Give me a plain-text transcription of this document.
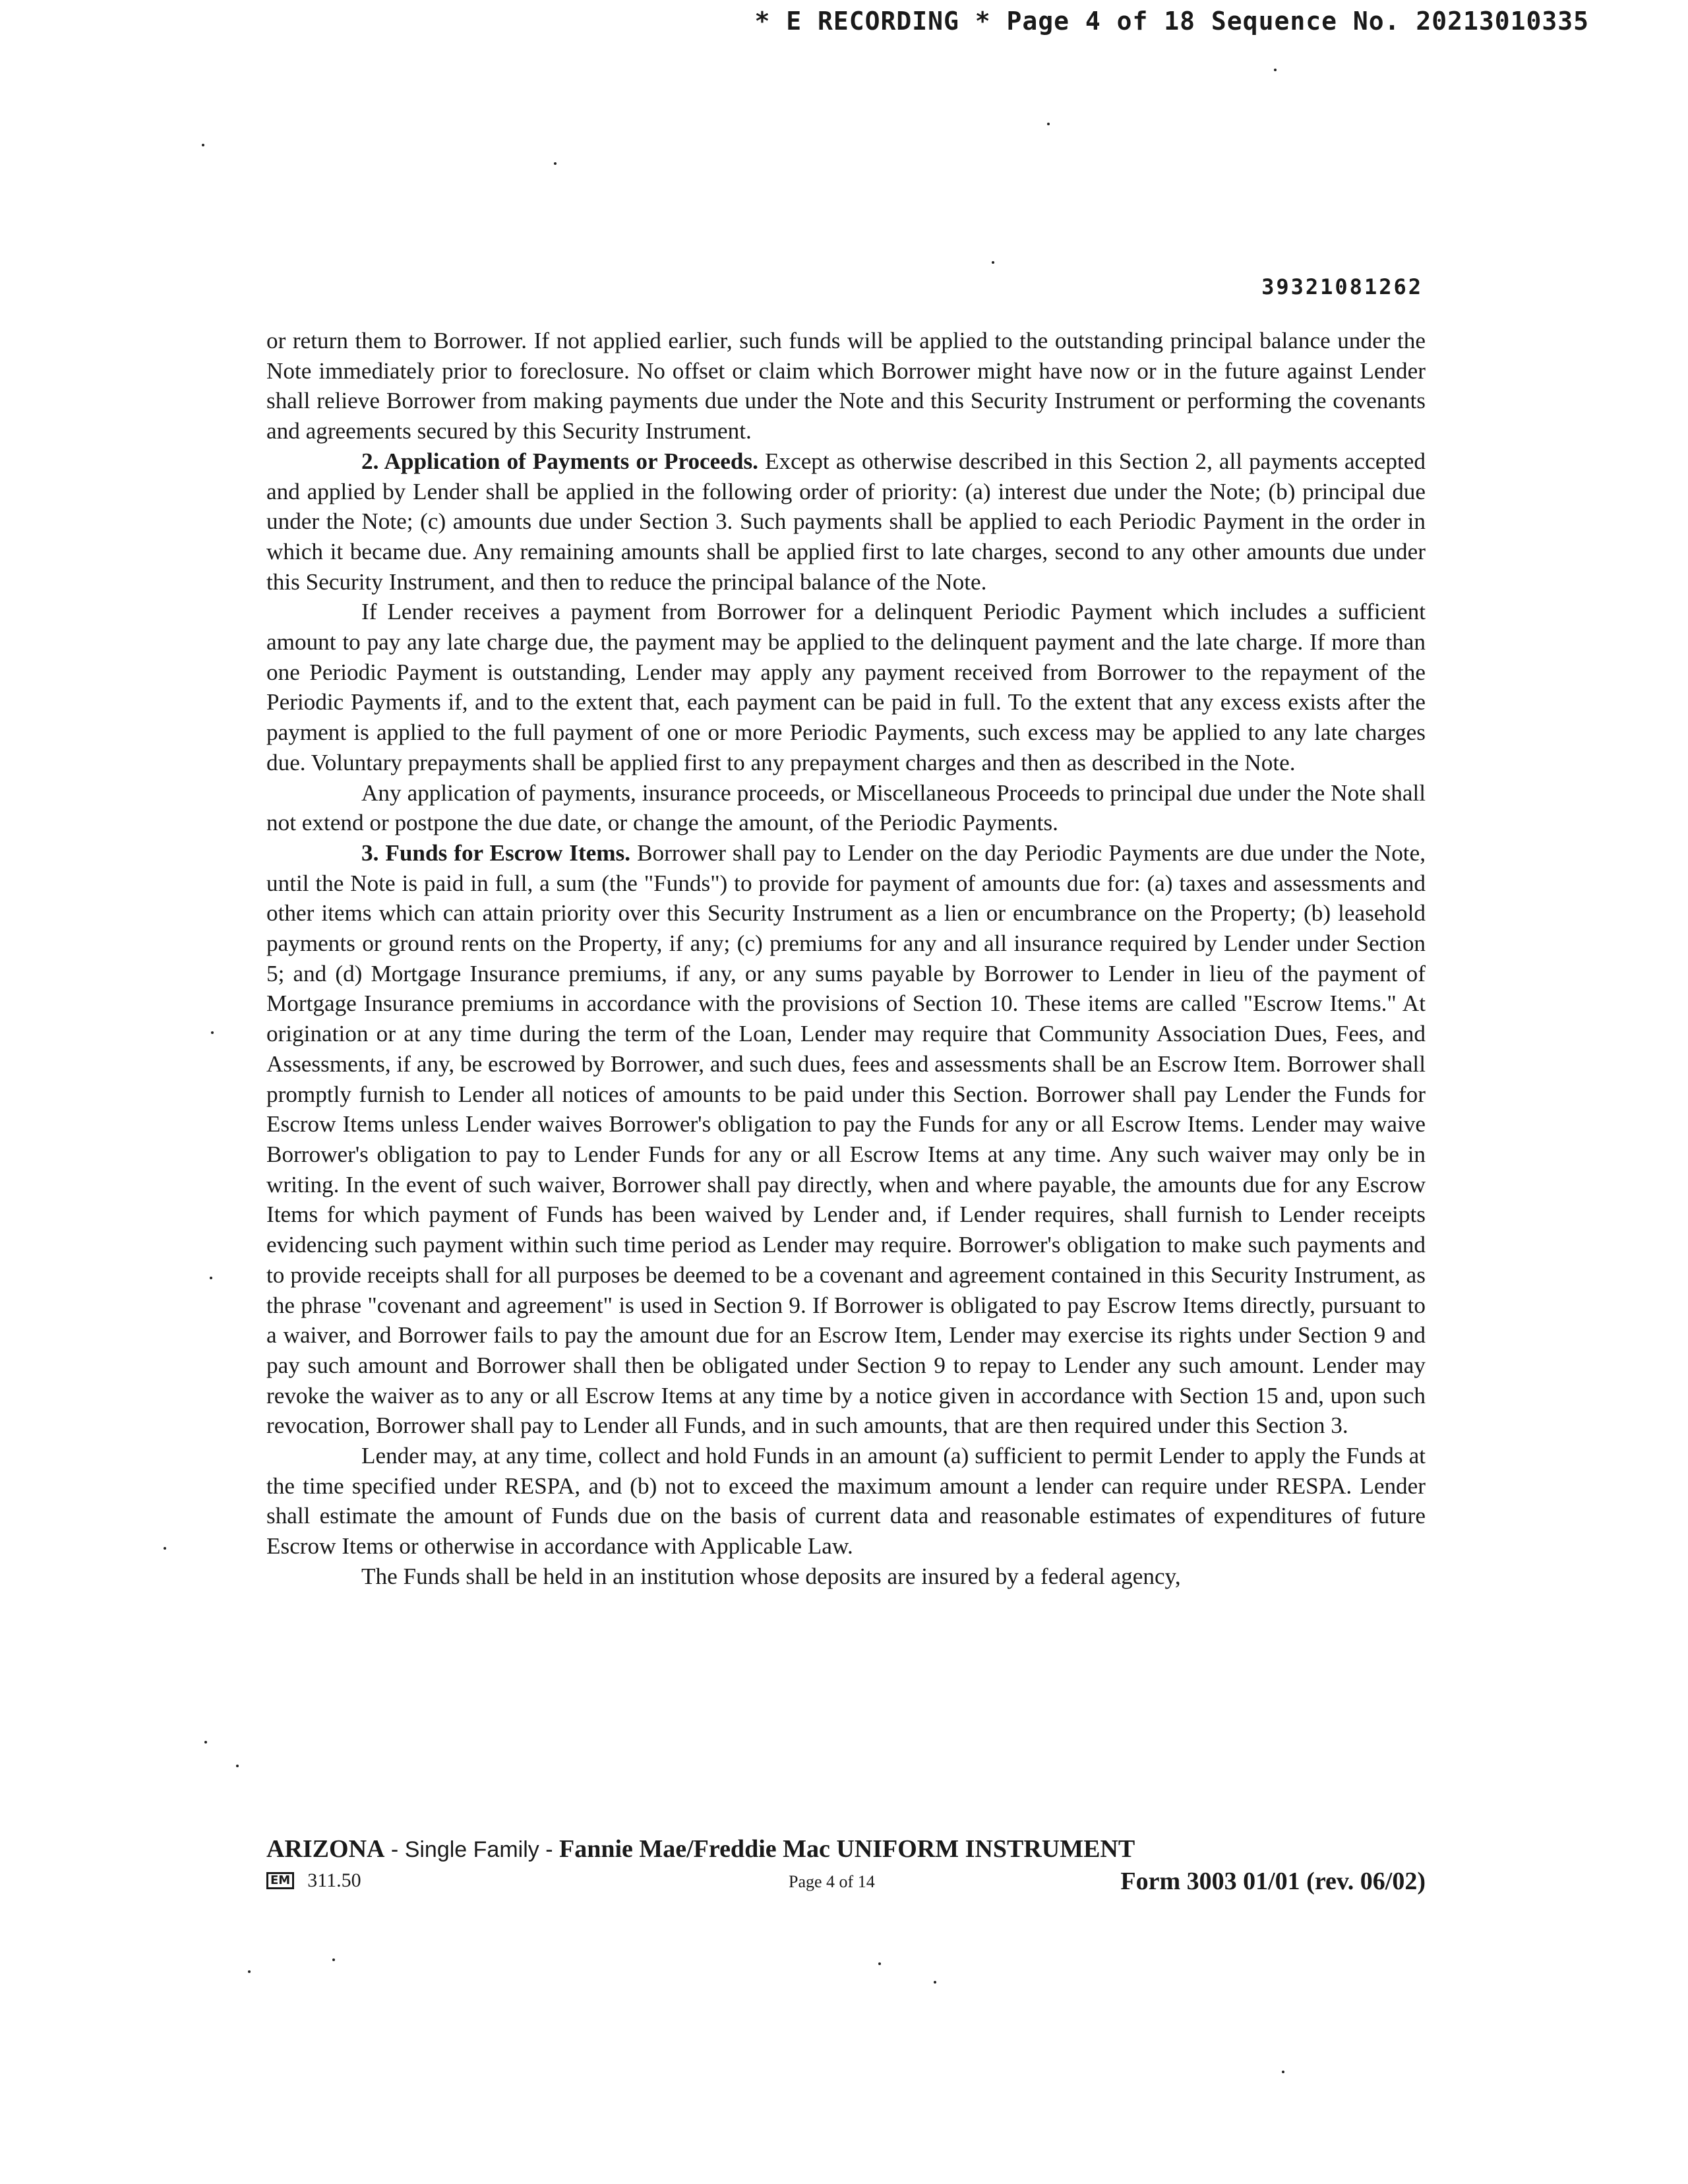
* E RECORDING * Page 4 of 18 Sequence No. 20213010335
39321081262

or return them to Borrower. If not applied earlier, such funds will be applied to the outstanding principal balance under the Note immediately prior to foreclosure. No offset or claim which Borrower might have now or in the future against Lender shall relieve Borrower from making payments due under the Note and this Security Instrument or performing the covenants and agreements secured by this Security Instrument.

2. Application of Payments or Proceeds. Except as otherwise described in this Section 2, all payments accepted and applied by Lender shall be applied in the following order of priority: (a) interest due under the Note; (b) principal due under the Note; (c) amounts due under Section 3. Such payments shall be applied to each Periodic Payment in the order in which it became due. Any remaining amounts shall be applied first to late charges, second to any other amounts due under this Security Instrument, and then to reduce the principal balance of the Note.

If Lender receives a payment from Borrower for a delinquent Periodic Payment which includes a sufficient amount to pay any late charge due, the payment may be applied to the delinquent payment and the late charge. If more than one Periodic Payment is outstanding, Lender may apply any payment received from Borrower to the repayment of the Periodic Payments if, and to the extent that, each payment can be paid in full. To the extent that any excess exists after the payment is applied to the full payment of one or more Periodic Payments, such excess may be applied to any late charges due. Voluntary prepayments shall be applied first to any prepayment charges and then as described in the Note.

Any application of payments, insurance proceeds, or Miscellaneous Proceeds to principal due under the Note shall not extend or postpone the due date, or change the amount, of the Periodic Payments.

3. Funds for Escrow Items. Borrower shall pay to Lender on the day Periodic Payments are due under the Note, until the Note is paid in full, a sum (the "Funds") to provide for payment of amounts due for: (a) taxes and assessments and other items which can attain priority over this Security Instrument as a lien or encumbrance on the Property; (b) leasehold payments or ground rents on the Property, if any; (c) premiums for any and all insurance required by Lender under Section 5; and (d) Mortgage Insurance premiums, if any, or any sums payable by Borrower to Lender in lieu of the payment of Mortgage Insurance premiums in accordance with the provisions of Section 10. These items are called "Escrow Items." At origination or at any time during the term of the Loan, Lender may require that Community Association Dues, Fees, and Assessments, if any, be escrowed by Borrower, and such dues, fees and assessments shall be an Escrow Item. Borrower shall promptly furnish to Lender all notices of amounts to be paid under this Section. Borrower shall pay Lender the Funds for Escrow Items unless Lender waives Borrower's obligation to pay the Funds for any or all Escrow Items. Lender may waive Borrower's obligation to pay to Lender Funds for any or all Escrow Items at any time. Any such waiver may only be in writing. In the event of such waiver, Borrower shall pay directly, when and where payable, the amounts due for any Escrow Items for which payment of Funds has been waived by Lender and, if Lender requires, shall furnish to Lender receipts evidencing such payment within such time period as Lender may require. Borrower's obligation to make such payments and to provide receipts shall for all purposes be deemed to be a covenant and agreement contained in this Security Instrument, as the phrase "covenant and agreement" is used in Section 9. If Borrower is obligated to pay Escrow Items directly, pursuant to a waiver, and Borrower fails to pay the amount due for an Escrow Item, Lender may exercise its rights under Section 9 and pay such amount and Borrower shall then be obligated under Section 9 to repay to Lender any such amount. Lender may revoke the waiver as to any or all Escrow Items at any time by a notice given in accordance with Section 15 and, upon such revocation, Borrower shall pay to Lender all Funds, and in such amounts, that are then required under this Section 3.

Lender may, at any time, collect and hold Funds in an amount (a) sufficient to permit Lender to apply the Funds at the time specified under RESPA, and (b) not to exceed the maximum amount a lender can require under RESPA. Lender shall estimate the amount of Funds due on the basis of current data and reasonable estimates of expenditures of future Escrow Items or otherwise in accordance with Applicable Law.

The Funds shall be held in an institution whose deposits are insured by a federal agency,

ARIZONA - Single Family - Fannie Mae/Freddie Mac UNIFORM INSTRUMENT
EM 311.50	Page 4 of 14	Form 3003 01/01 (rev. 06/02)
